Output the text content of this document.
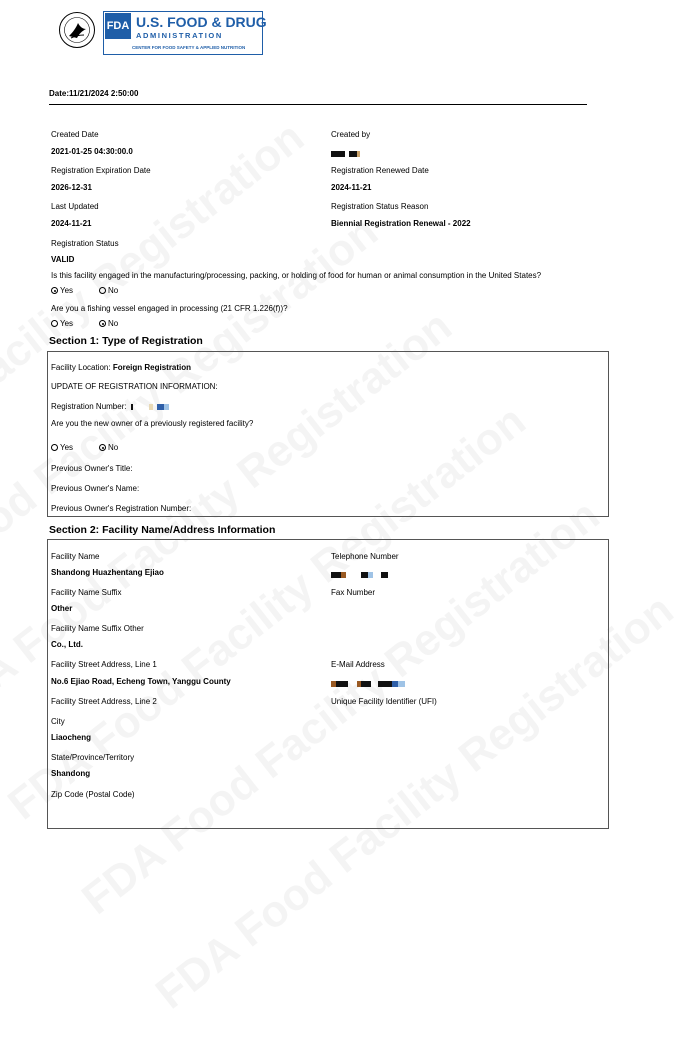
FDA U.S. FOOD & DRUG
ADMINISTRATION
CENTER FOR FOOD SAFETY & APPLIED NUTRITION
Date:11/21/2024 2:50:00
Created Date
2021-01-25 04:30:00.0
Created by
Registration Expiration Date
2026-12-31
Registration Renewed Date
2024-11-21
Last Updated
2024-11-21
Registration Status Reason
Biennial Registration Renewal - 2022
Registration Status
VALID
Is this facility engaged in the manufacturing/processing, packing, or holding of food for human or animal consumption in the United States?
Yes	No
Are you a fishing vessel engaged in processing (21 CFR 1.226(f))?
Yes	No
Section 1: Type of Registration
Facility Location: Foreign Registration
UPDATE OF REGISTRATION INFORMATION:
Registration Number:
Are you the new owner of a previously registered facility?
Yes	No
Previous Owner's Title:
Previous Owner's Name:
Previous Owner's Registration Number:
Section 2: Facility Name/Address Information
Facility Name
Shandong Huazhentang Ejiao
Telephone Number
Facility Name Suffix
Other
Fax Number
Facility Name Suffix Other
Co., Ltd.
Facility Street Address, Line 1
No.6 Ejiao Road, Echeng Town, Yanggu County
E-Mail Address
Facility Street Address, Line 2	Unique Facility Identifier (UFI)
City
Liaocheng
State/Province/Territory
Shandong
Zip Code (Postal Code)
